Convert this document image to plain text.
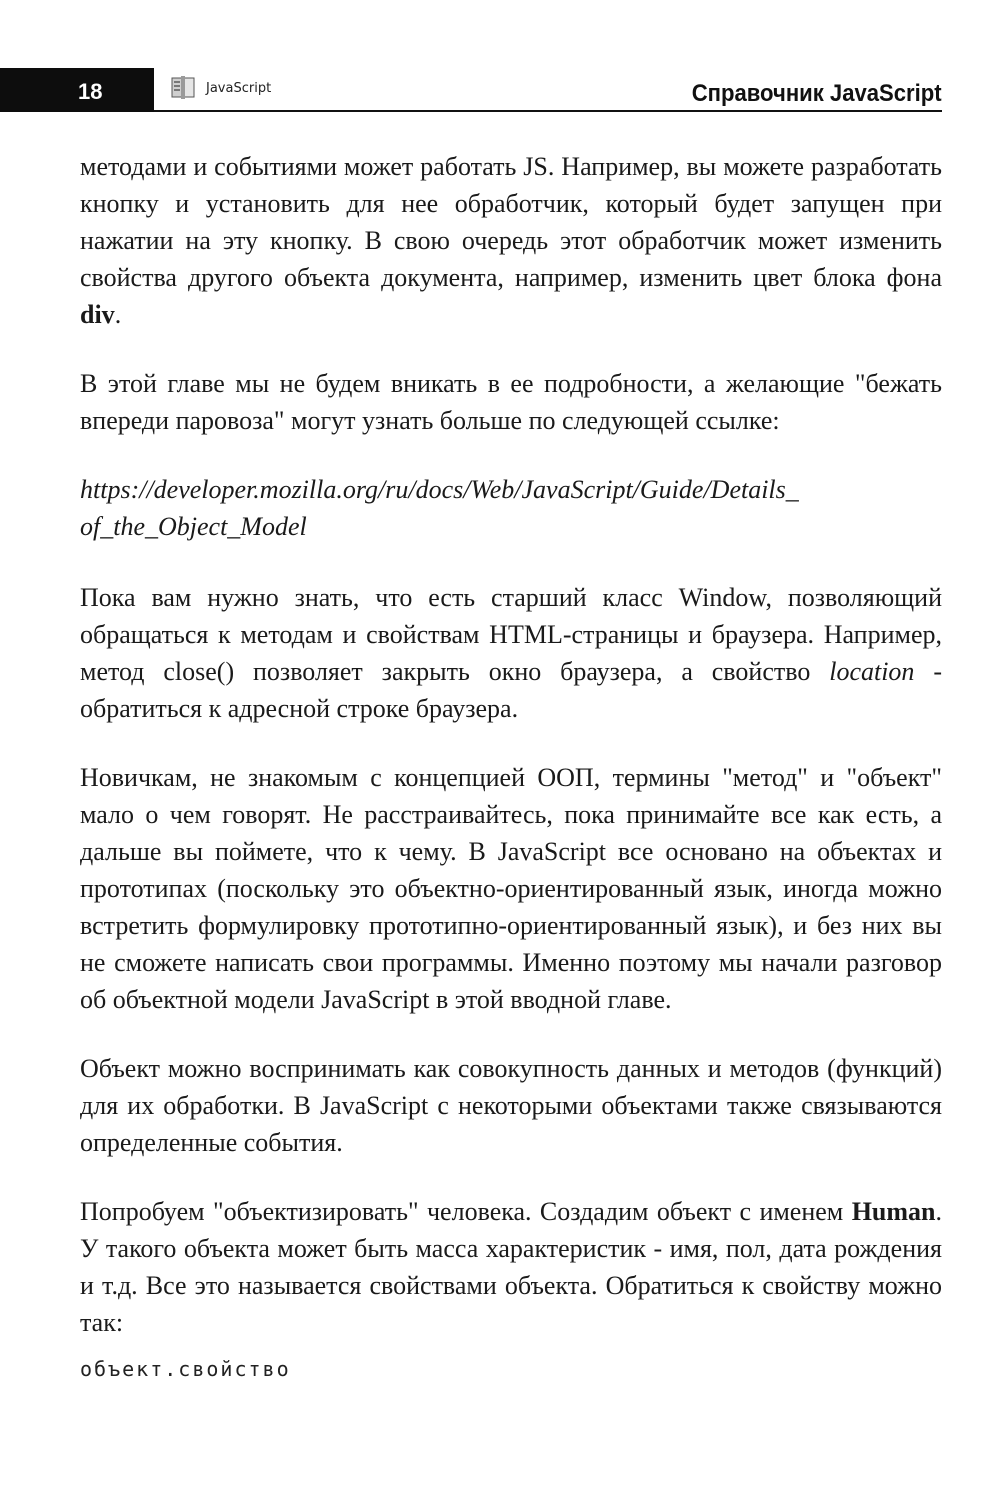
18	JavaScript	Справочник JavaScript

методами и событиями может работать JS. Например, вы можете разработать кнопку и установить для нее обработчик, который будет запущен при нажатии на эту кнопку. В свою очередь этот обработчик может изменить свойства другого объекта документа, например, изменить цвет блока фона div.

В этой главе мы не будем вникать в ее подробности, а желающие "бежать впереди паровоза" могут узнать больше по следующей ссылке:

https://developer.mozilla.org/ru/docs/Web/JavaScript/Guide/Details_
of_the_Object_Model

Пока вам нужно знать, что есть старший класс Window, позволяющий обращаться к методам и свойствам HTML-страницы и браузера. Например, метод close() позволяет закрыть окно браузера, а свойство location - обратиться к адресной строке браузера.

Новичкам, не знакомым с концепцией ООП, термины "метод" и "объект" мало о чем говорят. Не расстраивайтесь, пока принимайте все как есть, а дальше вы поймете, что к чему. В JavaScript все основано на объектах и прототипах (поскольку это объектно-ориентированный язык, иногда можно встретить формулировку прототипно-ориентированный язык), и без них вы не сможете написать свои программы. Именно поэтому мы начали разговор об объектной модели JavaScript в этой вводной главе.

Объект можно воспринимать как совокупность данных и методов (функций) для их обработки. В JavaScript с некоторыми объектами также связываются определенные события.

Попробуем "объектизировать" человека. Создадим объект с именем Human. У такого объекта может быть масса характеристик - имя, пол, дата рождения и т.д. Все это называется свойствами объекта. Обратиться к свойству можно так:

объект.свойство
